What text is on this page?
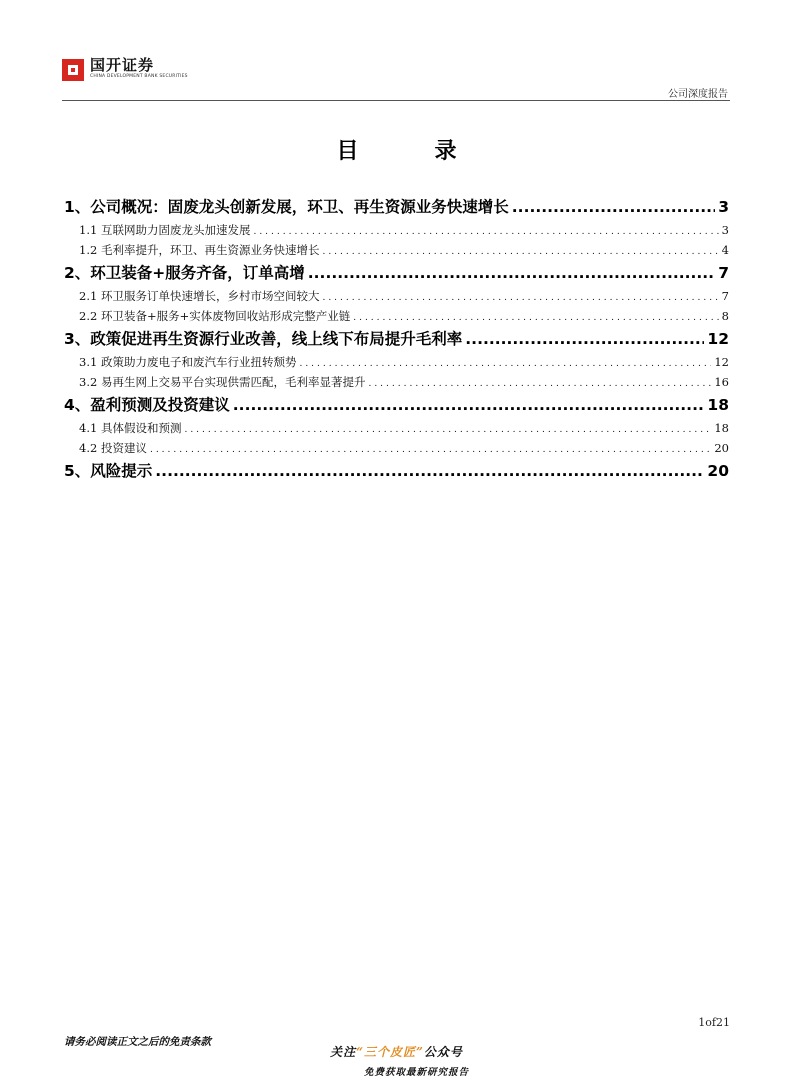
国开证券
CHINA DEVELOPMENT BANK SECURITIES
公司深度报告
目录
1、公司概况：固废龙头创新发展，环卫、再生资源业务快速增长 .....	3
1.1 互联网助力固废龙头加速发展 .....	3
1.2 毛利率提升，环卫、再生资源业务快速增长 .....	4
2、环卫装备+服务齐备，订单高增 .....	7
2.1 环卫服务订单快速增长，乡村市场空间较大 .....	7
2.2 环卫装备+服务+实体废物回收站形成完整产业链 .....	8
3、政策促进再生资源行业改善，线上线下布局提升毛利率 .....	12
3.1 政策助力废电子和废汽车行业扭转颓势 .....	12
3.2 易再生网上交易平台实现供需匹配，毛利率显著提升 .....	16
4、盈利预测及投资建议 .....	18
4.1 具体假设和预测 .....	18
4.2 投资建议 .....	20
5、风险提示 .....	20
1of21
请务必阅读正文之后的免责条款
关注“三个皮匠”公众号
免费获取最新研究报告
